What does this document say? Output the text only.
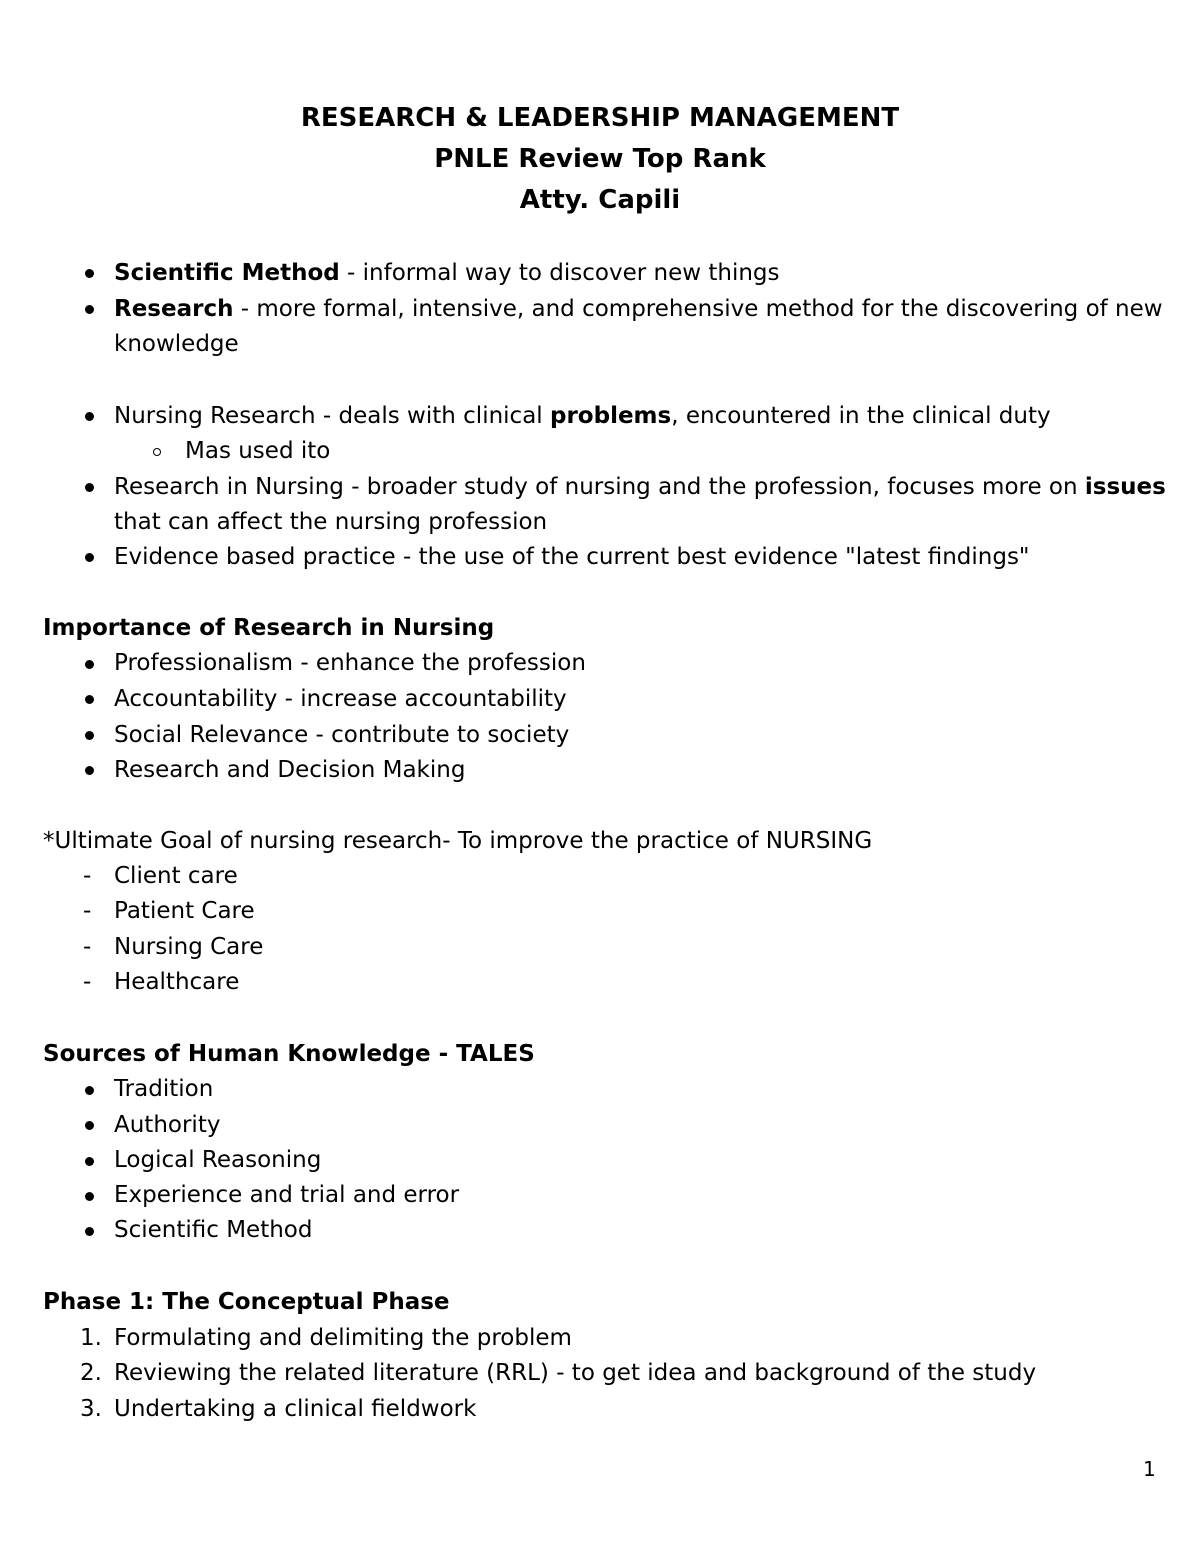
RESEARCH & LEADERSHIP MANAGEMENT
PNLE Review Top Rank
Atty. Capili
Scientific Method - informal way to discover new things
Research - more formal, intensive, and comprehensive method for the discovering of new
knowledge
Nursing Research - deals with clinical problems, encountered in the clinical duty
Mas used ito
Research in Nursing - broader study of nursing and the profession, focuses more on issues
that can affect the nursing profession
Evidence based practice - the use of the current best evidence "latest findings"
Importance of Research in Nursing
Professionalism - enhance the profession
Accountability - increase accountability
Social Relevance - contribute to society
Research and Decision Making
*Ultimate Goal of nursing research- To improve the practice of NURSING
- Client care
- Patient Care
- Nursing Care
- Healthcare
Sources of Human Knowledge - TALES
Tradition
Authority
Logical Reasoning
Experience and trial and error
Scientific Method
Phase 1: The Conceptual Phase
1. Formulating and delimiting the problem
2. Reviewing the related literature (RRL) - to get idea and background of the study
3. Undertaking a clinical fieldwork
1
